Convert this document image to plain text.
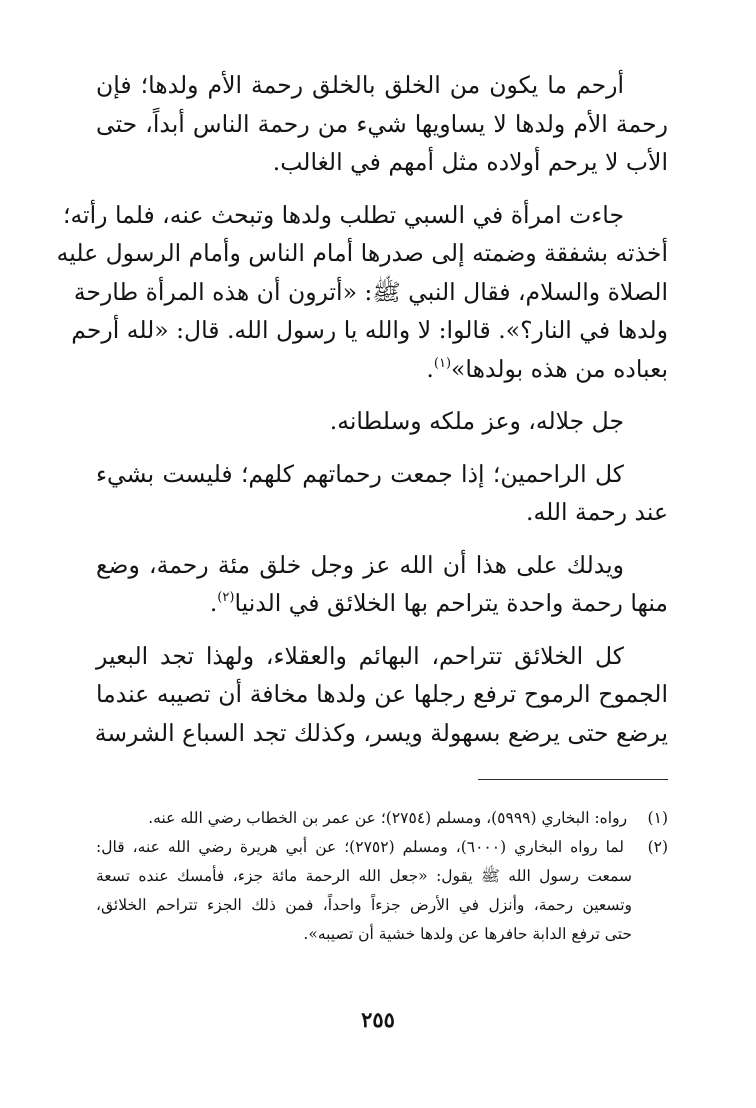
أرحم ما يكون من الخلق بالخلق رحمة الأم ولدها؛ فإن
رحمة الأم ولدها لا يساويها شيء من رحمة الناس أبداً، حتى
الأب لا يرحم أولاده مثل أمهم في الغالب.
جاءت امرأة في السبي تطلب ولدها وتبحث عنه، فلما رأته؛
أخذته بشفقة وضمته إلى صدرها أمام الناس وأمام الرسول عليه
الصلاة والسلام، فقال النبي ﷺ: «أترون أن هذه المرأة طارحة
ولدها في النار؟». قالوا: لا والله يا رسول الله. قال: «لله أرحم
بعباده من هذه بولدها»$^{(١)}$.
جل جلاله، وعز ملكه وسلطانه.
كل الراحمين؛ إذا جمعت رحماتهم كلهم؛ فليست بشيء
عند رحمة الله.
ويدلك على هذا أن الله عز وجل خلق مئة رحمة، وضع
منها رحمة واحدة يتراحم بها الخلائق في الدنيا$^{(٢)}$.
كل الخلائق تتراحم، البهائم والعقلاء، ولهذا تجد البعير
الجموح الرموح ترفع رجلها عن ولدها مخافة أن تصيبه عندما
يرضع حتى يرضع بسهولة ويسر، وكذلك تجد السباع الشرسة
(١) رواه: البخاري (٥٩٩٩)، ومسلم (٢٧٥٤)؛ عن عمر بن الخطاب رضي الله عنه.
(٢) لما رواه البخاري (٦٠٠٠)، ومسلم (٢٧٥٢)؛ عن أبي هريرة رضي الله عنه، قال:
سمعت رسول الله ﷺ يقول: «جعل الله الرحمة مائة جزء، فأمسك عنده تسعة
وتسعين رحمة، وأنزل في الأرض جزءاً واحداً، فمن ذلك الجزء تتراحم الخلائق،
حتى ترفع الدابة حافرها عن ولدها خشية أن تصيبه».
٢٥٥
